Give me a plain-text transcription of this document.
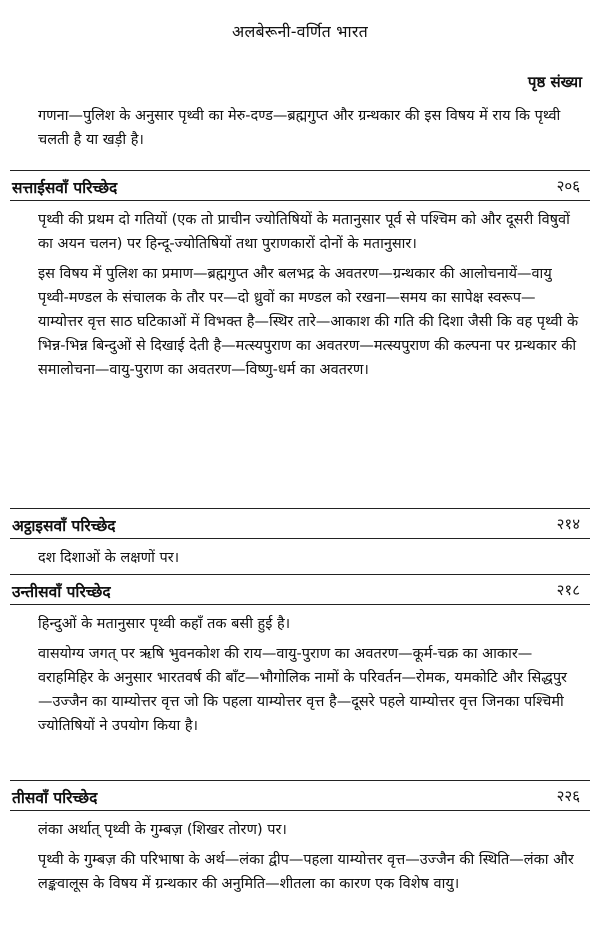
अलबेरूनी-वर्णित भारत
पृष्ठ संख्या
गणना—पुलिश के अनुसार पृथ्वी का मेरु-दण्ड—ब्रह्मगुप्त और ग्रन्थकार की इस विषय में राय कि पृथ्वी चलती है या खड़ी है।
सत्ताईसवाँ परिच्छेद	२०६

पृथ्वी की प्रथम दो गतियों (एक तो प्राचीन ज्योतिषियों के मतानुसार पूर्व से पश्चिम को और दूसरी विषुवों का अयन चलन) पर हिन्दू-ज्योतिषियों तथा पुराणकारों दोनों के मतानुसार।

इस विषय में पुलिश का प्रमाण—ब्रह्मगुप्त और बलभद्र के अवतरण—ग्रन्थकार की आलोचनायें—वायु पृथ्वी-मण्डल के संचालक के तौर पर—दो ध्रुवों का मण्डल को रखना—समय का सापेक्ष स्वरूप—याम्योत्तर वृत्त साठ घटिकाओं में विभक्त है—स्थिर तारे—आकाश की गति की दिशा जैसी कि वह पृथ्वी के भिन्न-भिन्न बिन्दुओं से दिखाई देती है—मत्स्यपुराण का अवतरण—मत्स्यपुराण की कल्पना पर ग्रन्थकार की समालोचना—वायु-पुराण का अवतरण—विष्णु-धर्म का अवतरण।

अट्ठाइसवाँ परिच्छेद	२१४

दश दिशाओं के लक्षणों पर।

उन्तीसवाँ परिच्छेद	२१८

हिन्दुओं के मतानुसार पृथ्वी कहाँ तक बसी हुई है।

वासयोग्य जगत् पर ऋषि भुवनकोश की राय—वायु-पुराण का अवतरण—कूर्म-चक्र का आकार—वराहमिहिर के अनुसार भारतवर्ष की बाँट—भौगोलिक नामों के परिवर्तन—रोमक, यमकोटि और सिद्धपुर—उज्जैन का याम्योत्तर वृत्त जो कि पहला याम्योत्तर वृत्त है—दूसरे पहले याम्योत्तर वृत्त जिनका पश्चिमी ज्योतिषियों ने उपयोग किया है।

तीसवाँ परिच्छेद	२२६

लंका अर्थात् पृथ्वी के गुम्बज़ (शिखर तोरण) पर।

पृथ्वी के गुम्बज़ की परिभाषा के अर्थ—लंका द्वीप—पहला याम्योत्तर वृत्त—उज्जैन की स्थिति—लंका और लङ्कवालूस के विषय में ग्रन्थकार की अनुमिति—शीतला का कारण एक विशेष वायु।
